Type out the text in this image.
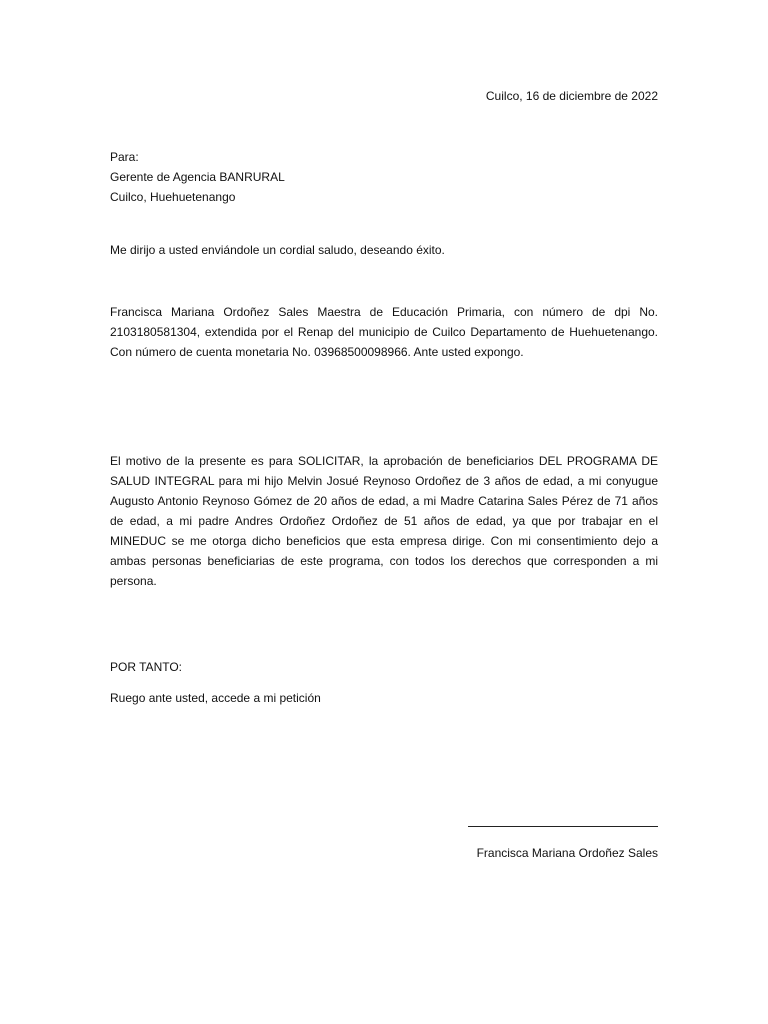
Cuilco, 16 de diciembre de 2022
Para:
Gerente de Agencia BANRURAL
Cuilco, Huehuetenango
Me dirijo a usted enviándole un cordial saludo, deseando éxito.
Francisca Mariana Ordoñez Sales Maestra de Educación Primaria, con número de dpi No. 2103180581304, extendida por el Renap del municipio de Cuilco Departamento de Huehuetenango. Con número de cuenta monetaria No. 03968500098966. Ante usted expongo.
El motivo de la presente es para SOLICITAR, la aprobación de beneficiarios DEL PROGRAMA DE SALUD INTEGRAL para mi hijo Melvin Josué Reynoso Ordoñez de 3 años de edad, a mi conyugue Augusto Antonio Reynoso Gómez de 20 años de edad, a mi Madre Catarina Sales Pérez de 71 años de edad, a mi padre Andres Ordoñez Ordoñez de 51 años de edad, ya que por trabajar en el MINEDUC se me otorga dicho beneficios que esta empresa dirige. Con mi consentimiento dejo a ambas personas beneficiarias de este programa, con todos los derechos que corresponden a mi persona.
POR TANTO:
Ruego ante usted, accede a mi petición
Francisca Mariana Ordoñez Sales
